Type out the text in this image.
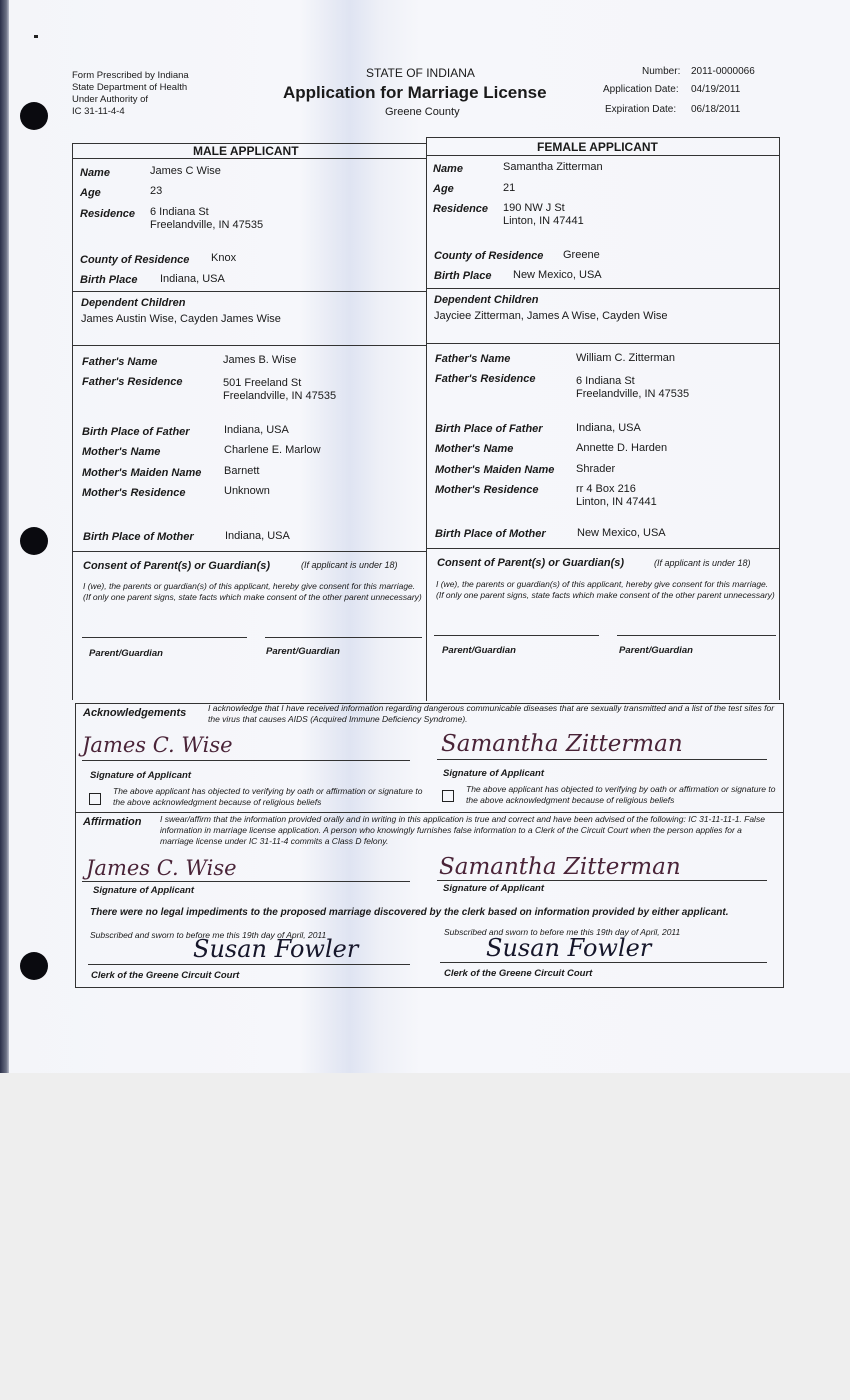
Form Prescribed by Indiana
State Department of Health
Under Authority of
IC 31-11-4-4
STATE OF INDIANA
Application for Marriage License
Greene County
Number: 2011-0000066
Application Date: 04/19/2011
Expiration Date: 06/18/2011
MALE APPLICANT
Name	James C Wise
Age	23
Residence 6 Indiana St
Freelandville, IN 47535
County of Residence Knox
Birth Place Indiana, USA
Dependent Children
James Austin Wise, Cayden James Wise
Father's Name	James B. Wise
Father's Residence	501 Freeland St
Freelandville, IN 47535
Birth Place of Father	Indiana, USA
Mother's Name	Charlene E. Marlow
Mother's Maiden Name Barnett
Mother's Residence	Unknown
Birth Place of Mother	Indiana, USA
FEMALE APPLICANT
Name	Samantha Zitterman
Age	21
Residence 190 NW J St
Linton, IN 47441
County of Residence Greene
Birth Place New Mexico, USA
Dependent Children
Jayciee Zitterman, James A Wise, Cayden Wise
Father's Name	William C. Zitterman
Father's Residence	6 Indiana St
Freelandville, IN 47535
Birth Place of Father	Indiana, USA
Mother's Name	Annette D. Harden
Mother's Maiden Name Shrader
Mother's Residence	rr 4 Box 216
Linton, IN 47441
Birth Place of Mother	New Mexico, USA
Consent of Parent(s) or Guardian(s)	(If applicant is under 18)
I (we), the parents or guardian(s) of this applicant, hereby give consent for this marriage. (If only one parent signs, state facts which make consent of the other parent unnecessary)
Parent/Guardian	Parent/Guardian
Consent of Parent(s) or Guardian(s)	(If applicant is under 18)
I (we), the parents or guardian(s) of this applicant, hereby give consent for this marriage. (If only one parent signs, state facts which make consent of the other parent unnecessary)
Parent/Guardian	Parent/Guardian
Acknowledgements	I acknowledge that I have received information regarding dangerous communicable diseases that are sexually transmitted and a list of the test sites for the virus that causes AIDS (Acquired Immune Deficiency Syndrome).
James C. Wise
Signature of Applicant
The above applicant has objected to verifying by oath or affirmation or signature to the above acknowledgment because of religious beliefs
Samantha Zitterman
Signature of Applicant
The above applicant has objected to verifying by oath or affirmation or signature to the above acknowledgment because of religious beliefs
Affirmation I swear/affirm that the information provided orally and in writing in this application is true and correct and have been advised of the following: IC 31-11-11-1. False information in marriage license application. A person who knowingly furnishes false information to a Clerk of the Circuit Court when the person applies for a marriage license under IC 31-11-4 commits a Class D felony.
James C. Wise
Signature of Applicant
Samantha Zitterman
Signature of Applicant
There were no legal impediments to the proposed marriage discovered by the clerk based on information provided by either applicant.
Subscribed and sworn to before me this 19th day of April, 2011
Susan Fowler
Clerk of the Greene Circuit Court
Subscribed and sworn to before me this 19th day of April, 2011
Susan Fowler
Clerk of the Greene Circuit Court
